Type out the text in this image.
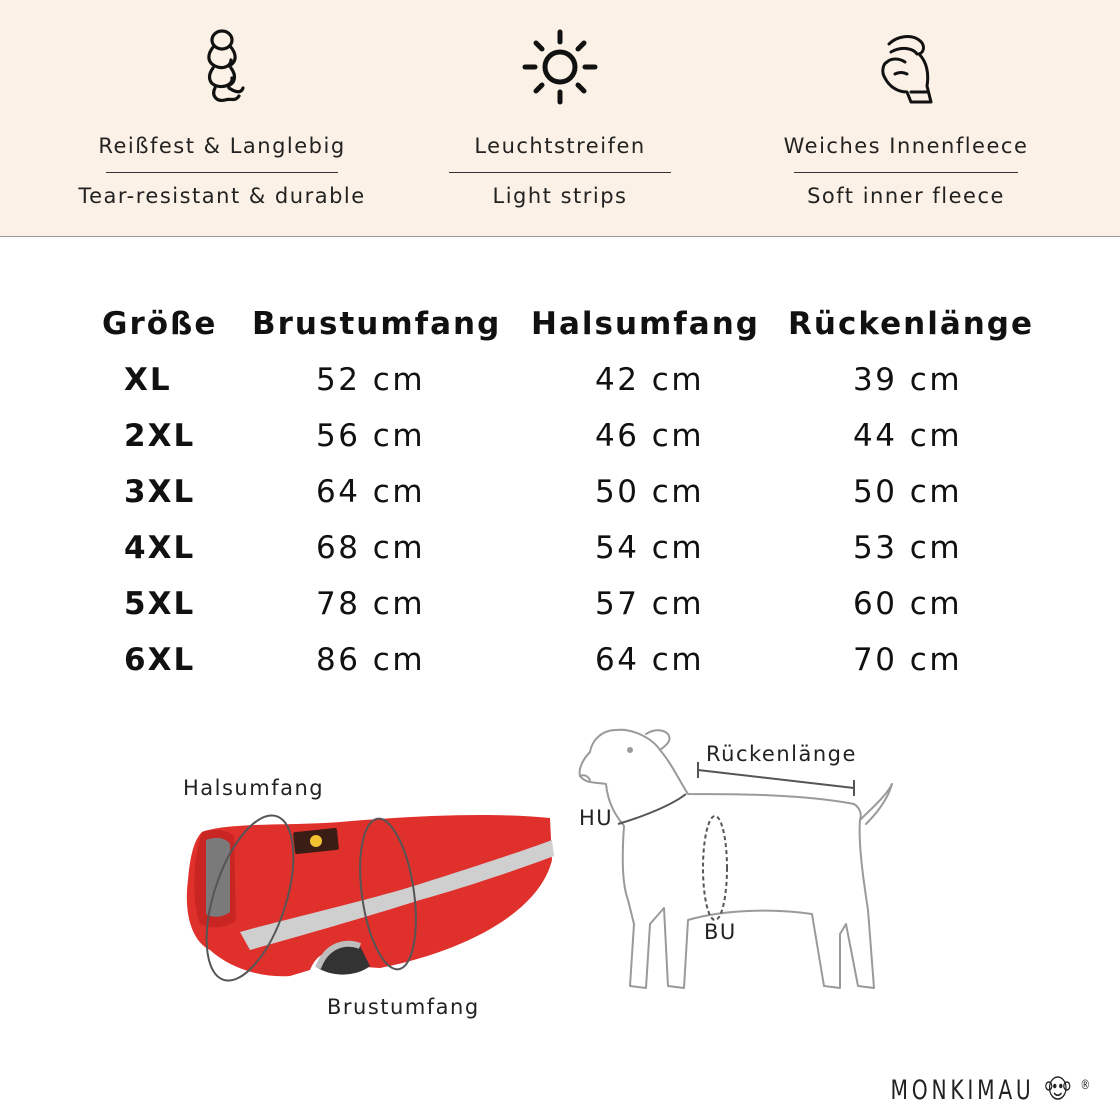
Reißfest & Langlebig
Tear-resistant & durable
Leuchtstreifen
Light strips
Weiches Innenfleece
Soft inner fleece
Größe Brustumfang Halsumfang Rückenlänge
XL	52 cm	42 cm	39 cm
2XL	56 cm	46 cm	44 cm
3XL	64 cm	50 cm	50 cm
4XL	68 cm	54 cm	53 cm
5XL	78 cm	57 cm	60 cm
6XL	86 cm	64 cm	70 cm
Halsumfang
Brustumfang
Rückenlänge
HU
BU
MONKIMAU	®
